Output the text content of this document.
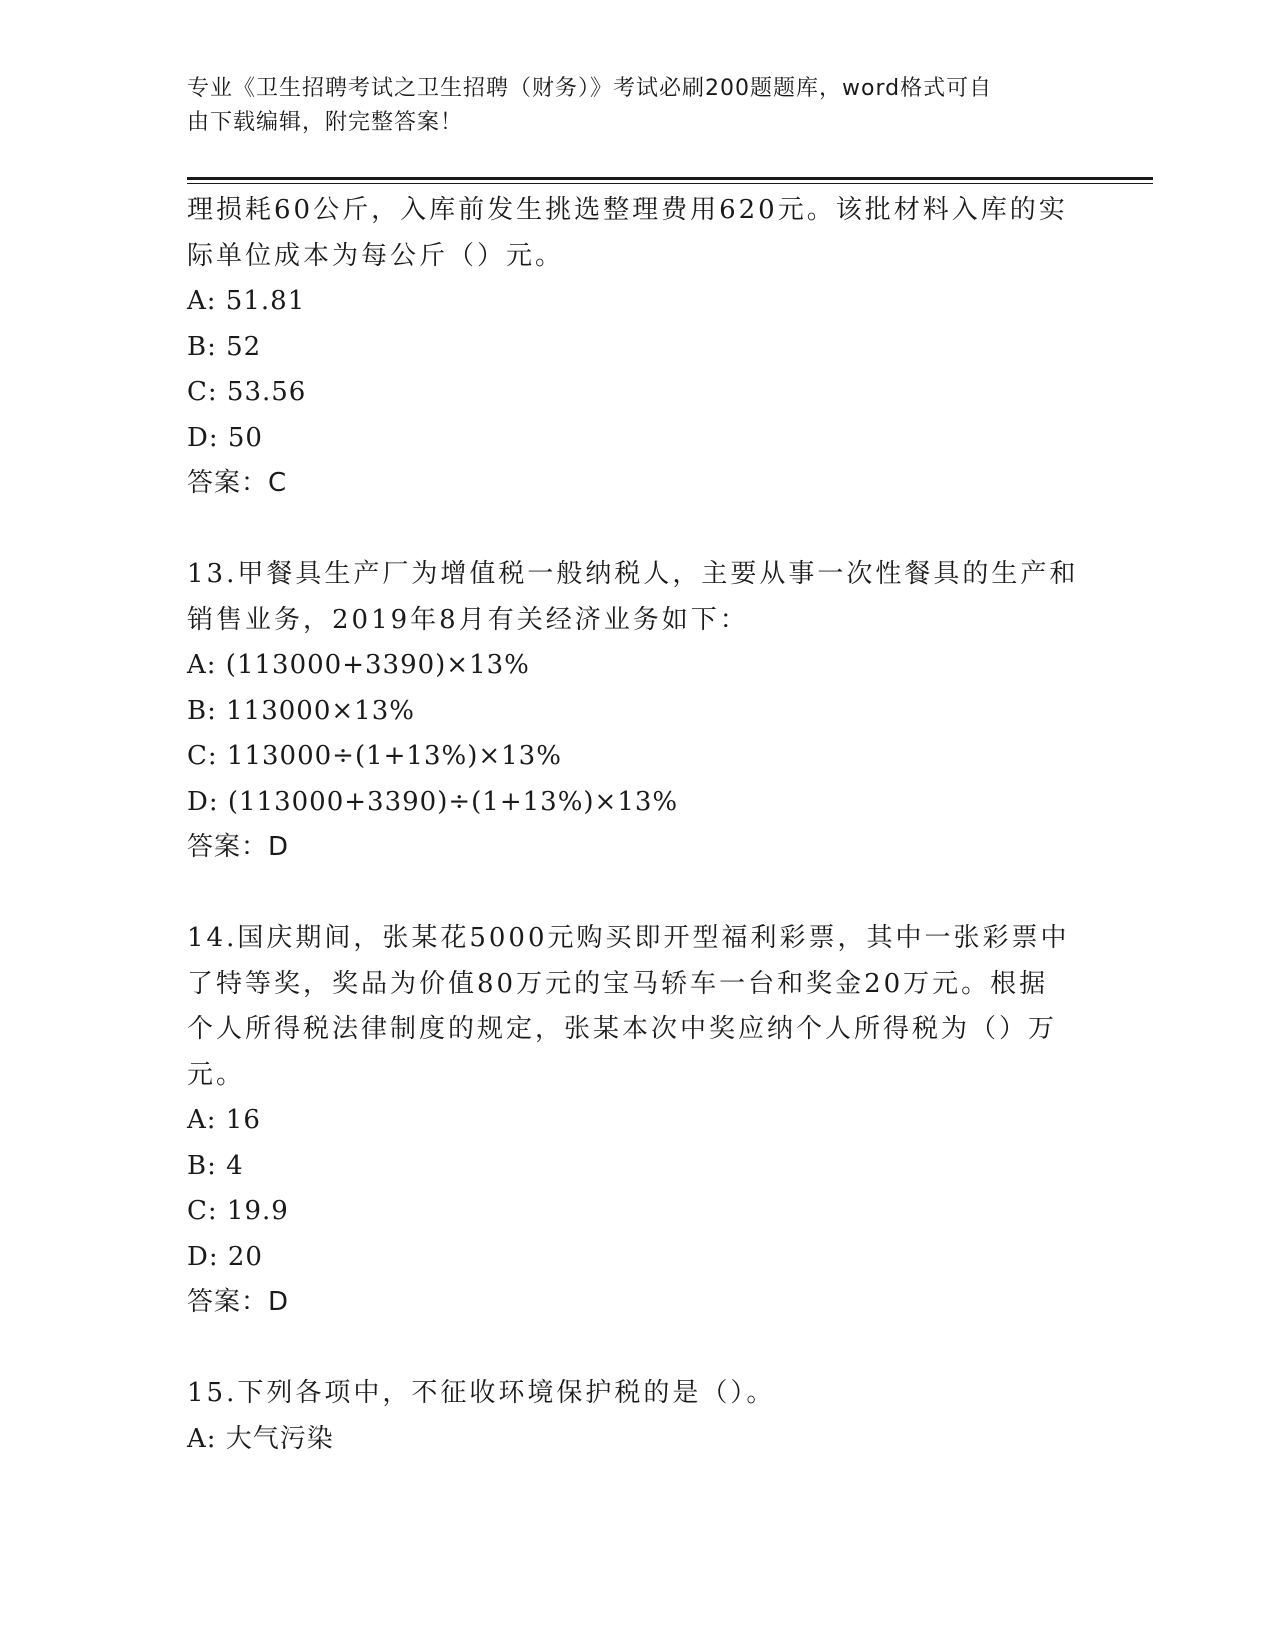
专业《卫生招聘考试之卫生招聘（财务）》考试必刷200题题库，word格式可自
由下载编辑，附完整答案！
理损耗60公斤，入库前发生挑选整理费用620元。该批材料入库的实
际单位成本为每公斤（）元。
A: 51.81
B: 52
C: 53.56
D: 50
答案：C
13.甲餐具生产厂为增值税一般纳税人，主要从事一次性餐具的生产和
销售业务，2019年8月有关经济业务如下：
A: (113000+3390)×13%
B: 113000×13%
C: 113000÷(1+13%)×13%
D: (113000+3390)÷(1+13%)×13%
答案：D
14.国庆期间，张某花5000元购买即开型福利彩票，其中一张彩票中
了特等奖，奖品为价值80万元的宝马轿车一台和奖金20万元。根据
个人所得税法律制度的规定，张某本次中奖应纳个人所得税为（）万
元。
A: 16
B: 4
C: 19.9
D: 20
答案：D
15.下列各项中，不征收环境保护税的是（）。
A: 大气污染
